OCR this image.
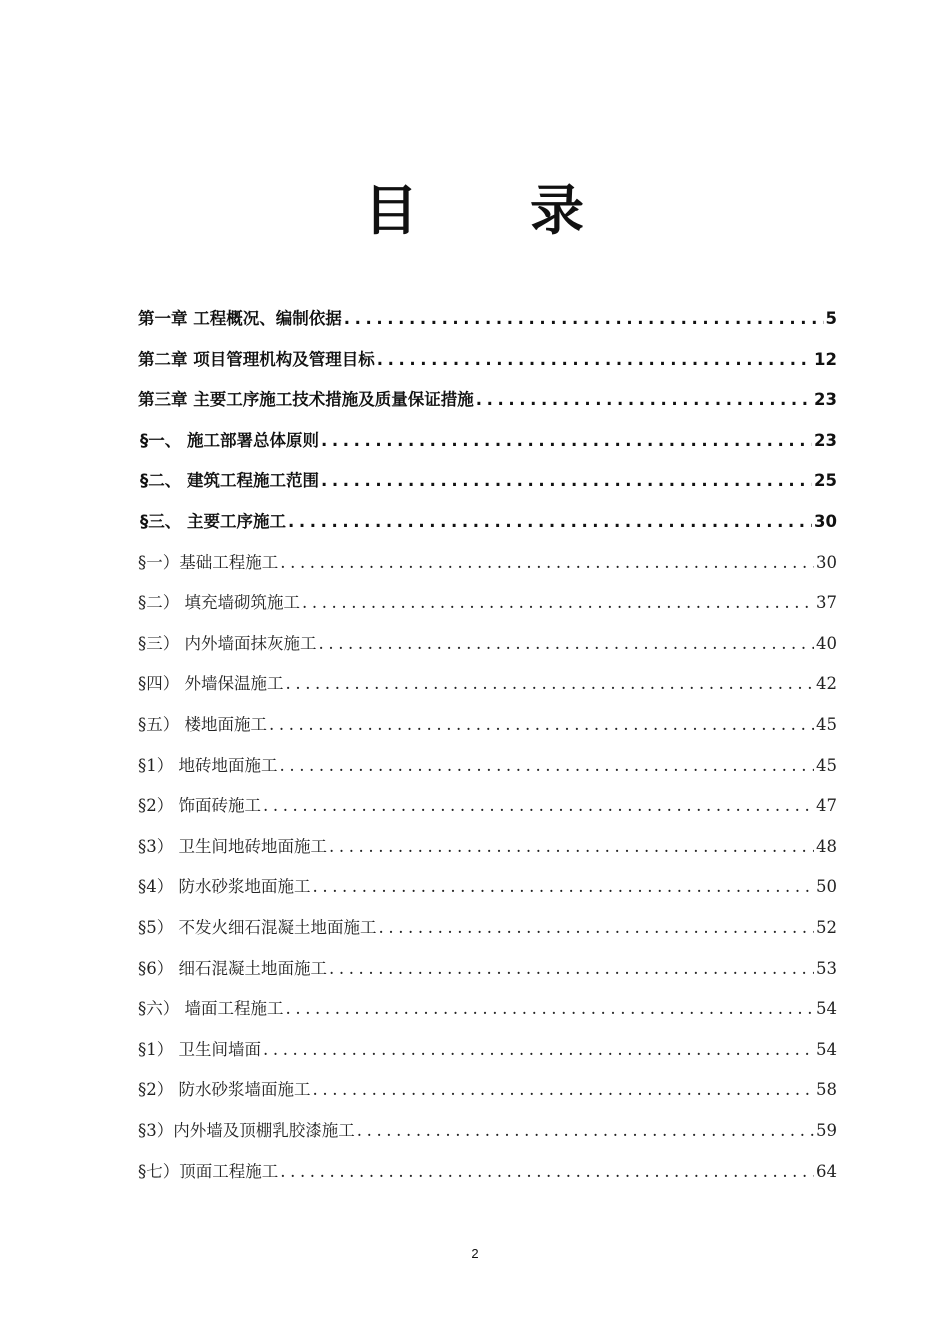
目 录
第一章 工程概况、编制依据 .....	5
第二章 项目管理机构及管理目标 .....	12
第三章 主要工序施工技术措施及质量保证措施 .....	23
§一、 施工部署总体原则 .....	23
§二、 建筑工程施工范围 .....	25
§三、 主要工序施工 .....	30
§一）基础工程施工 .....	30
§二） 填充墙砌筑施工 .....	37
§三） 内外墙面抹灰施工 .....	40
§四） 外墙保温施工 .....	42
§五） 楼地面施工 .....	45
§1） 地砖地面施工 .....	45
§2） 饰面砖施工 .....	47
§3） 卫生间地砖地面施工 .....	48
§4） 防水砂浆地面施工 .....	50
§5） 不发火细石混凝土地面施工 .....	52
§6） 细石混凝土地面施工 .....	53
§六） 墙面工程施工 .....	54
§1） 卫生间墙面 .....	54
§2） 防水砂浆墙面施工 .....	58
§3）内外墙及顶棚乳胶漆施工 .....	59
§七）顶面工程施工 .....	64
2
